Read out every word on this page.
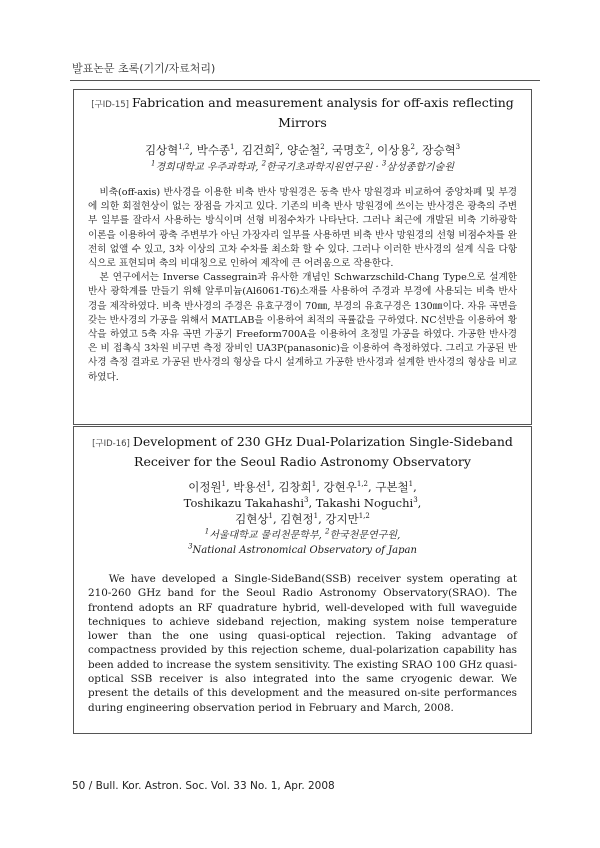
발표논문 초록(기기/자료처리)
[구ID-15] Fabrication and measurement analysis for off-axis reflecting
Mirrors
김상혁$^{1,2}$, 박수종$^1$, 김건희$^2$, 양순철$^2$, 국명호$^2$, 이상용$^2$, 장승혁$^3$
$^1$경희대학교 우주과학과, $^2$한국기초과학지원연구원 · $^3$삼성종합기술원

비축(off-axis) 반사경을 이용한 비축 반사 망원경은 동축 반사 망원경과 비교하여 중앙차폐 및 부경에 의한 회절현상이 없는 장점을 가지고 있다. 기존의 비축 반사 망원경에 쓰이는 반사경은 광축의 주변부 일부를 잘라서 사용하는 방식이며 선형 비점수차가 나타난다. 그러나 최근에 개발된 비축 기하광학 이론을 이용하여 광축 주변부가 아닌 가장자리 일부를 사용하면 비축 반사 망원경의 선형 비점수차를 완전히 없앨 수 있고, 3차 이상의 고차 수차를 최소화 할 수 있다. 그러나 이러한 반사경의 설계 식을 다항식으로 표현되며 축의 비대칭으로 인하여 제작에 큰 어려움으로 작용한다.

본 연구에서는 Inverse Cassegrain과 유사한 개념인 Schwarzschild-Chang Type으로 설계한 반사 광학계를 만들기 위해 알루미늄(Al6061-T6)소재를 사용하여 주경과 부경에 사용되는 비축 반사경을 제작하였다. 비축 반사경의 주경은 유효구경이 70㎜, 부경의 유효구경은 130㎜이다. 자유 곡면을 갖는 반사경의 가공을 위해서 MATLAB을 이용하여 최적의 곡률값을 구하였다. NC선반을 이용하여 황삭을 하였고 5축 자유 곡면 가공기 Freeform700A을 이용하여 초정밀 가공을 하였다. 가공한 반사경은 비 접촉식 3차원 비구면 측정 장비인 UA3P(panasonic)을 이용하여 측정하였다. 그리고 가공된 반사경 측정 결과로 가공된 반사경의 형상을 다시 설계하고 가공한 반사경과 설계한 반사경의 형상을 비교하였다.

[구ID-16] Development of 230 GHz Dual-Polarization Single-Sideband
Receiver for the Seoul Radio Astronomy Observatory
이정원$^1$, 박용선$^1$, 김창희$^1$, 강현우$^{1,2}$, 구본철$^1$,
Toshikazu Takahashi$^3$, Takashi Noguchi$^3$,
김현상$^1$, 김현정$^1$, 강지만$^{1,2}$
$^1$서울대학교 물리천문학부, $^2$한국천문연구원,
$^3$National Astronomical Observatory of Japan

We have developed a Single-SideBand(SSB) receiver system operating at 210-260 GHz band for the Seoul Radio Astronomy Observatory(SRAO). The frontend adopts an RF quadrature hybrid, well-developed with full waveguide techniques to achieve sideband rejection, making system noise temperature lower than the one using quasi-optical rejection. Taking advantage of compactness provided by this rejection scheme, dual-polarization capability has been added to increase the system sensitivity. The existing SRAO 100 GHz quasi-optical SSB receiver is also integrated into the same cryogenic dewar. We present the details of this development and the measured on-site performances during engineering observation period in February and March, 2008.

50 / Bull. Kor. Astron. Soc. Vol. 33 No. 1, Apr. 2008
